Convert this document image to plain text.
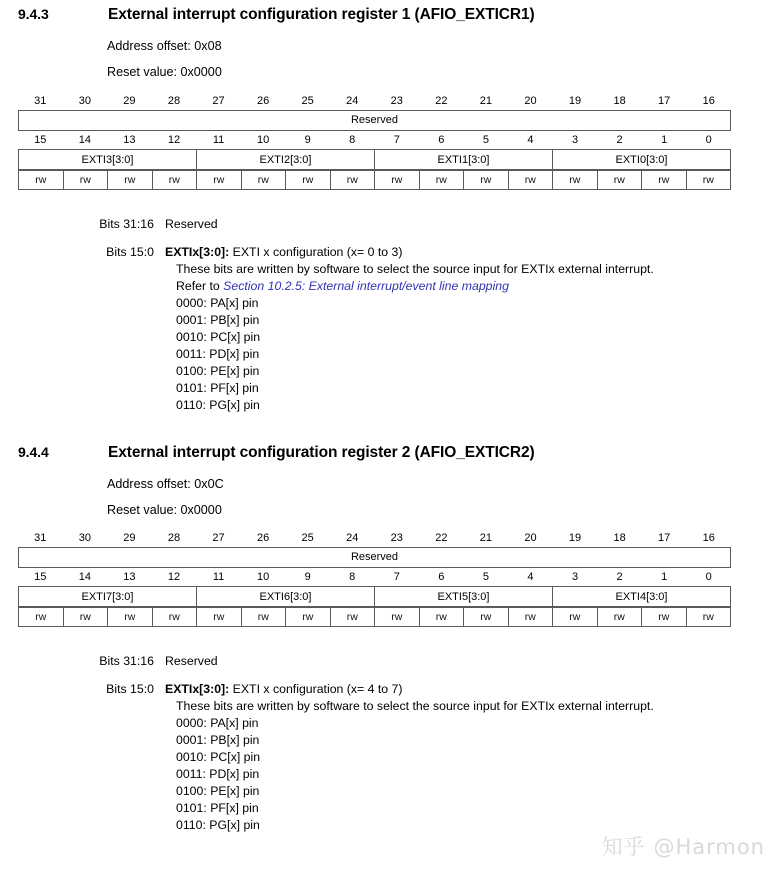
9.4.3	External interrupt configuration register 1 (AFIO_EXTICR1)
Address offset: 0x08
Reset value: 0x0000
31	30	29	28	27	26	25	24	23	22	21	20	19	18	17	16
Reserved
15	14	13	12	11	10	9	8	7	6	5	4	3	2	1	0
EXTI3[3:0]	EXTI2[3:0]	EXTI1[3:0]	EXTI0[3:0]
rw	rw	rw	rw	rw	rw	rw	rw	rw	rw	rw	rw	rw	rw	rw	rw
Bits 31:16 Reserved
Bits 15:0 EXTIx[3:0]: EXTI x configuration (x= 0 to 3)
These bits are written by software to select the source input for EXTIx external interrupt.
Refer to Section 10.2.5: External interrupt/event line mapping
0000: PA[x] pin
0001: PB[x] pin
0010: PC[x] pin
0011: PD[x] pin
0100: PE[x] pin
0101: PF[x] pin
0110: PG[x] pin
9.4.4	External interrupt configuration register 2 (AFIO_EXTICR2)
Address offset: 0x0C
Reset value: 0x0000
31	30	29	28	27	26	25	24	23	22	21	20	19	18	17	16
Reserved
15	14	13	12	11	10	9	8	7	6	5	4	3	2	1	0
EXTI7[3:0]	EXTI6[3:0]	EXTI5[3:0]	EXTI4[3:0]
rw	rw	rw	rw	rw	rw	rw	rw	rw	rw	rw	rw	rw	rw	rw	rw
Bits 31:16 Reserved
Bits 15:0 EXTIx[3:0]: EXTI x configuration (x= 4 to 7)
These bits are written by software to select the source input for EXTIx external interrupt.
0000: PA[x] pin
0001: PB[x] pin
0010: PC[x] pin
0011: PD[x] pin
0100: PE[x] pin
0101: PF[x] pin
0110: PG[x] pin
知乎 @Harmon
